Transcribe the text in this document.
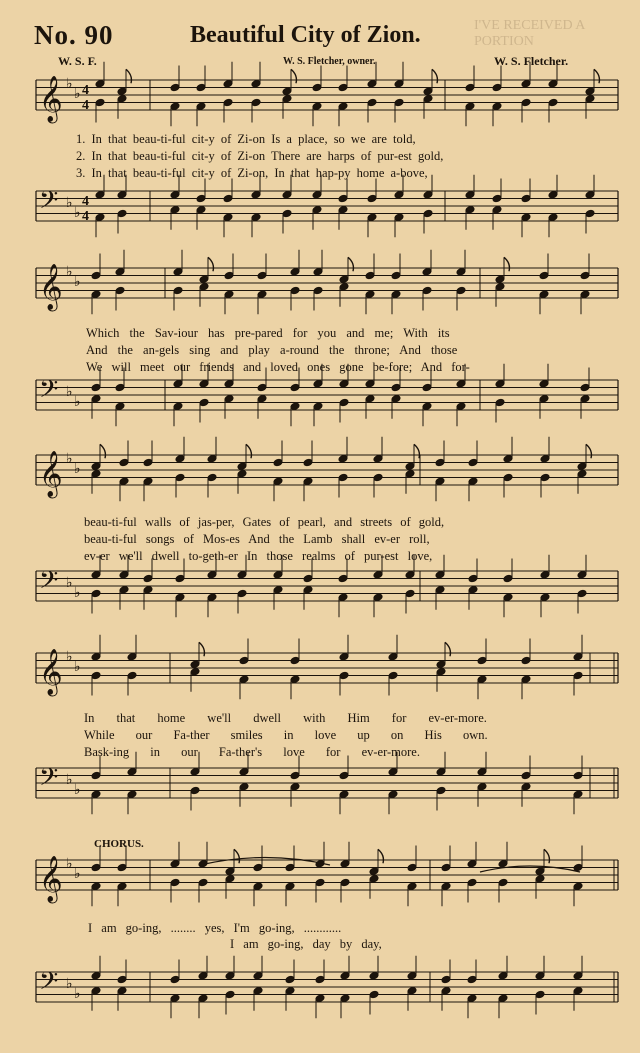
I'VE RECEIVED A PORTION
No. 90	Beautiful City of Zion.
W. S. F.	W. S. Fletcher, owner.	W. S. Fletcher.
𝄞 ♭
♭
𝄞 ♭
♭
𝄞 ♭
♭
𝄞 ♭
♭
𝄞 ♭
♭
𝄢 ♭
♭
𝄢 ♭
♭
𝄢 ♭
♭
𝄢 ♭
♭
𝄢 ♭
♭
4
4
4
4
1. In that beau-ti-ful cit-y of Zi-on Is a place, so we are told,
2. In that beau-ti-ful cit-y of Zi-on There are harps of pur-est gold,
3. In that beau-ti-ful cit-y of Zi-on, In that hap-py home a-bove,
Which the Sav-iour has pre-pared for you and me; With its
And the an-gels sing and play a-round the throne; And those
We will meet our friends and loved ones gone be-fore; And for-
beau-ti-ful walls of jas-per, Gates of pearl, and streets of gold,
beau-ti-ful songs of Mos-es And the Lamb shall ev-er roll,
ev-er we'll dwell to-geth-er In those realms of pur-est love,
In that home we'll dwell with Him for ev-er-more.
While our Fa-ther smiles in love up on His own.
Bask-ing in our Fa-ther's love for ev-er-more.
CHORUS.
I am go-ing, ........ yes, I'm go-ing, ............
I am go-ing, day by day,
